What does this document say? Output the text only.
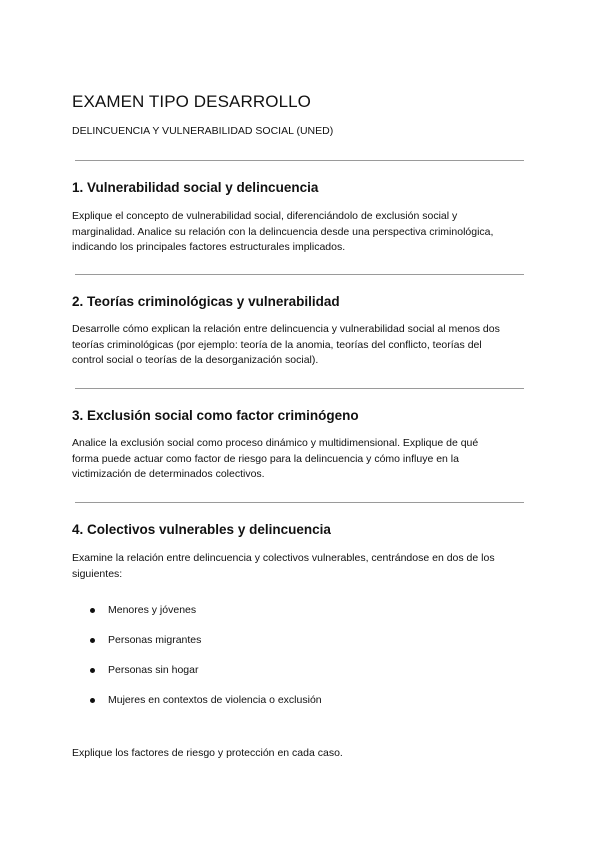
EXAMEN TIPO DESARROLLO

DELINCUENCIA Y VULNERABILIDAD SOCIAL (UNED)

1. Vulnerabilidad social y delincuencia

Explique el concepto de vulnerabilidad social, diferenciándolo de exclusión social y
marginalidad. Analice su relación con la delincuencia desde una perspectiva criminológica,
indicando los principales factores estructurales implicados.

2. Teorías criminológicas y vulnerabilidad

Desarrolle cómo explican la relación entre delincuencia y vulnerabilidad social al menos dos
teorías criminológicas (por ejemplo: teoría de la anomia, teorías del conflicto, teorías del
control social o teorías de la desorganización social).

3. Exclusión social como factor criminógeno

Analice la exclusión social como proceso dinámico y multidimensional. Explique de qué
forma puede actuar como factor de riesgo para la delincuencia y cómo influye en la
victimización de determinados colectivos.

4. Colectivos vulnerables y delincuencia

Examine la relación entre delincuencia y colectivos vulnerables, centrándose en dos de los
siguientes:

Menores y jóvenes
Personas migrantes
Personas sin hogar
Mujeres en contextos de violencia o exclusión

Explique los factores de riesgo y protección en cada caso.
